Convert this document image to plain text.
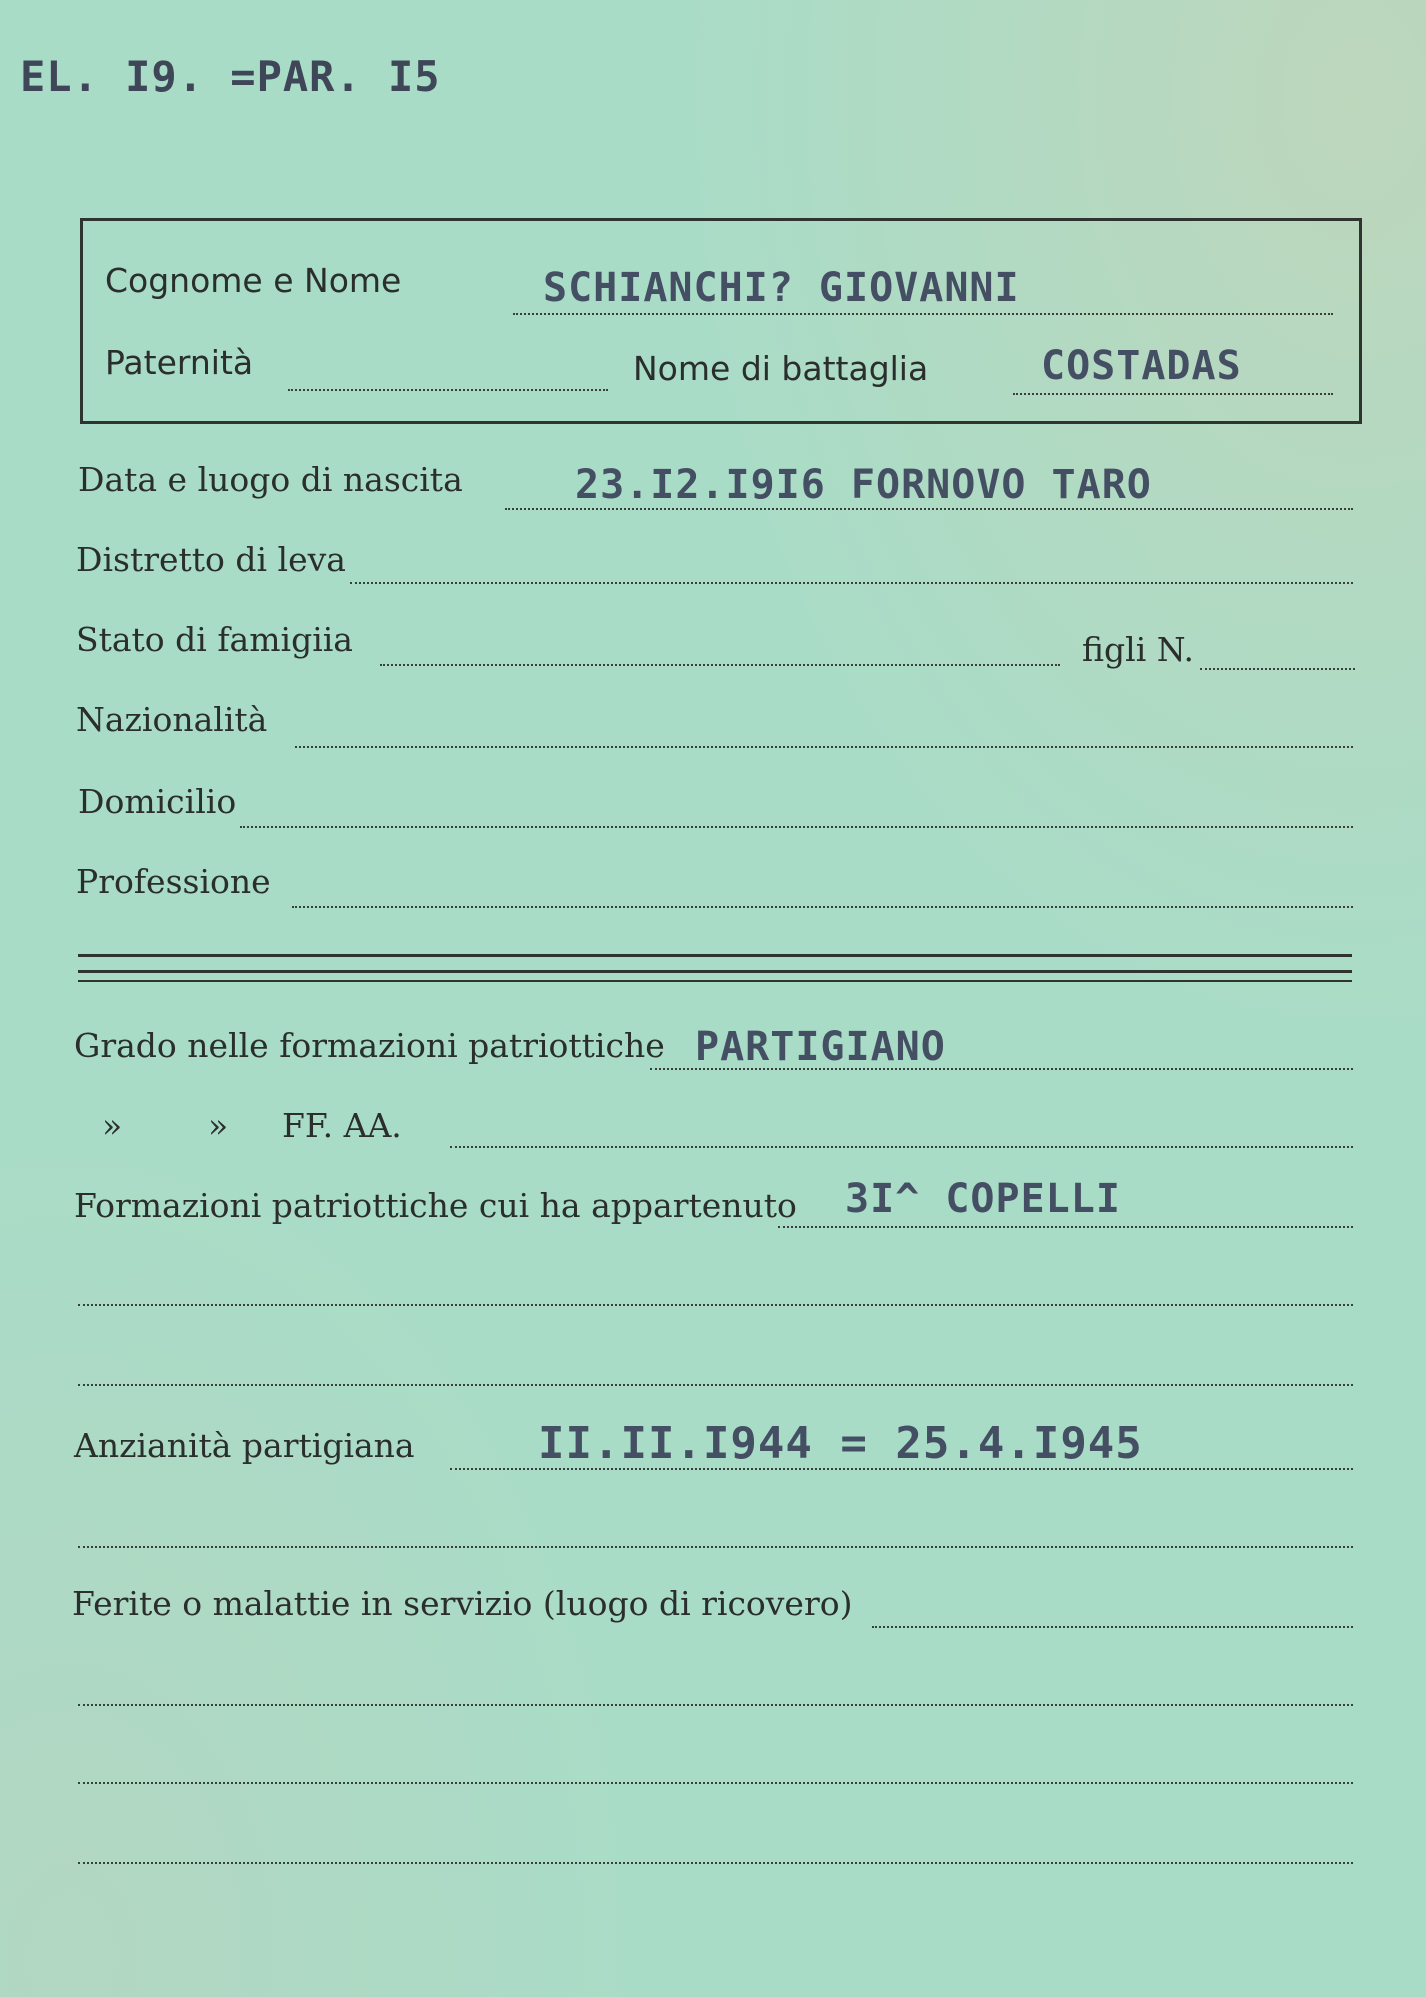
EL. I9. =PAR. I5
Cognome e Nome	SCHIANCHI? GIOVANNI
Paternità	Nome di battaglia	COSTADAS
Data e luogo di nascita	23.I2.I9I6 FORNOVO TARO
Distretto di leva
Stato di famigiia	figli N.
Nazionalità
Domicilio
Professione
Grado nelle formazioni patriottiche PARTIGIANO
»	» FF. AA.
Formazioni patriottiche cui ha appartenuto 3I^ COPELLI
Anzianità partigiana	II.II.I944 = 25.4.I945
Ferite o malattie in servizio (luogo di ricovero)
